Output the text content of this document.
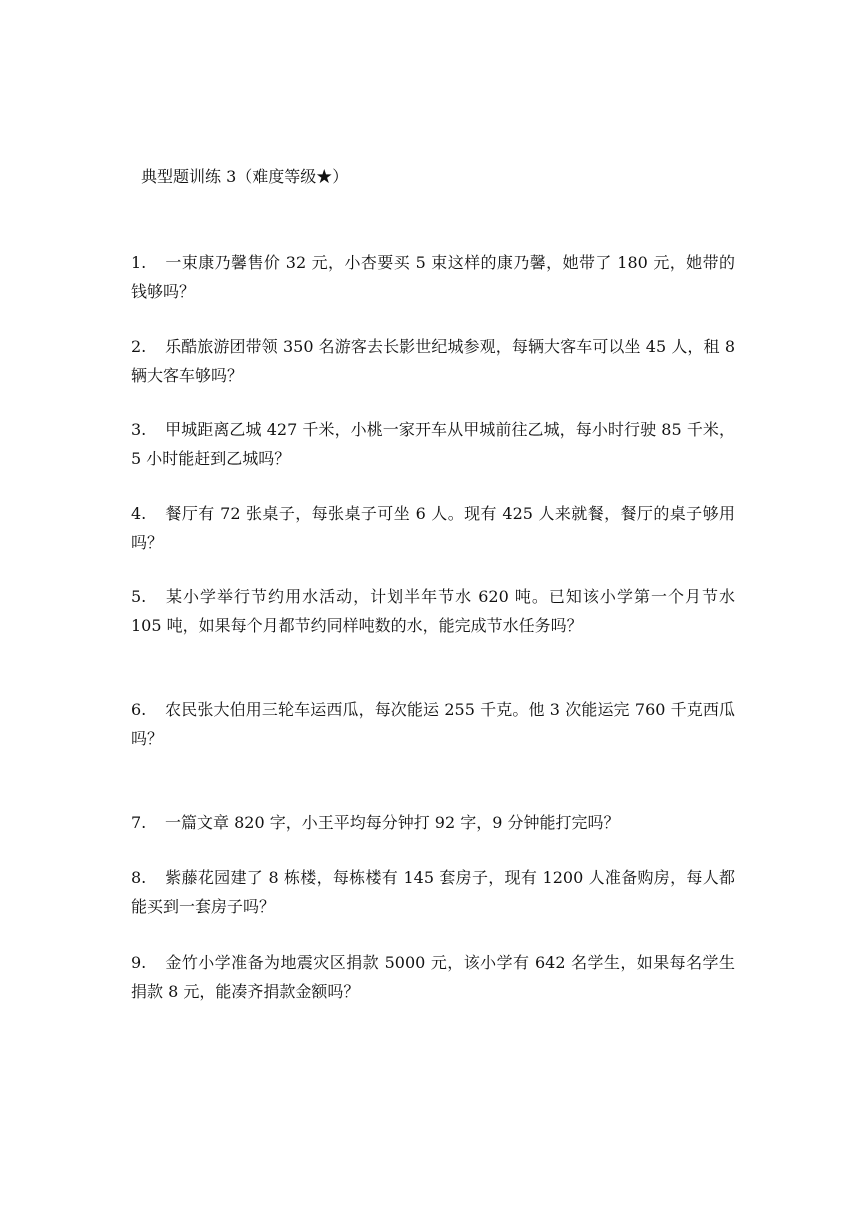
典型题训练 3（难度等级★）
1. 一束康乃馨售价 32 元，小杏要买 5 束这样的康乃馨，她带了 180 元，她带的钱够吗？
2. 乐酷旅游团带领 350 名游客去长影世纪城参观，每辆大客车可以坐 45 人，租 8 辆大客车够吗？
3. 甲城距离乙城 427 千米，小桃一家开车从甲城前往乙城，每小时行驶 85 千米，5 小时能赶到乙城吗？
4. 餐厅有 72 张桌子，每张桌子可坐 6 人。现有 425 人来就餐，餐厅的桌子够用吗？
5. 某小学举行节约用水活动，计划半年节水 620 吨。已知该小学第一个月节水 105 吨，如果每个月都节约同样吨数的水，能完成节水任务吗？
6. 农民张大伯用三轮车运西瓜，每次能运 255 千克。他 3 次能运完 760 千克西瓜吗？
7. 一篇文章 820 字，小王平均每分钟打 92 字，9 分钟能打完吗？
8. 紫藤花园建了 8 栋楼，每栋楼有 145 套房子，现有 1200 人准备购房，每人都能买到一套房子吗？
9. 金竹小学准备为地震灾区捐款 5000 元，该小学有 642 名学生，如果每名学生捐款 8 元，能凑齐捐款金额吗？
